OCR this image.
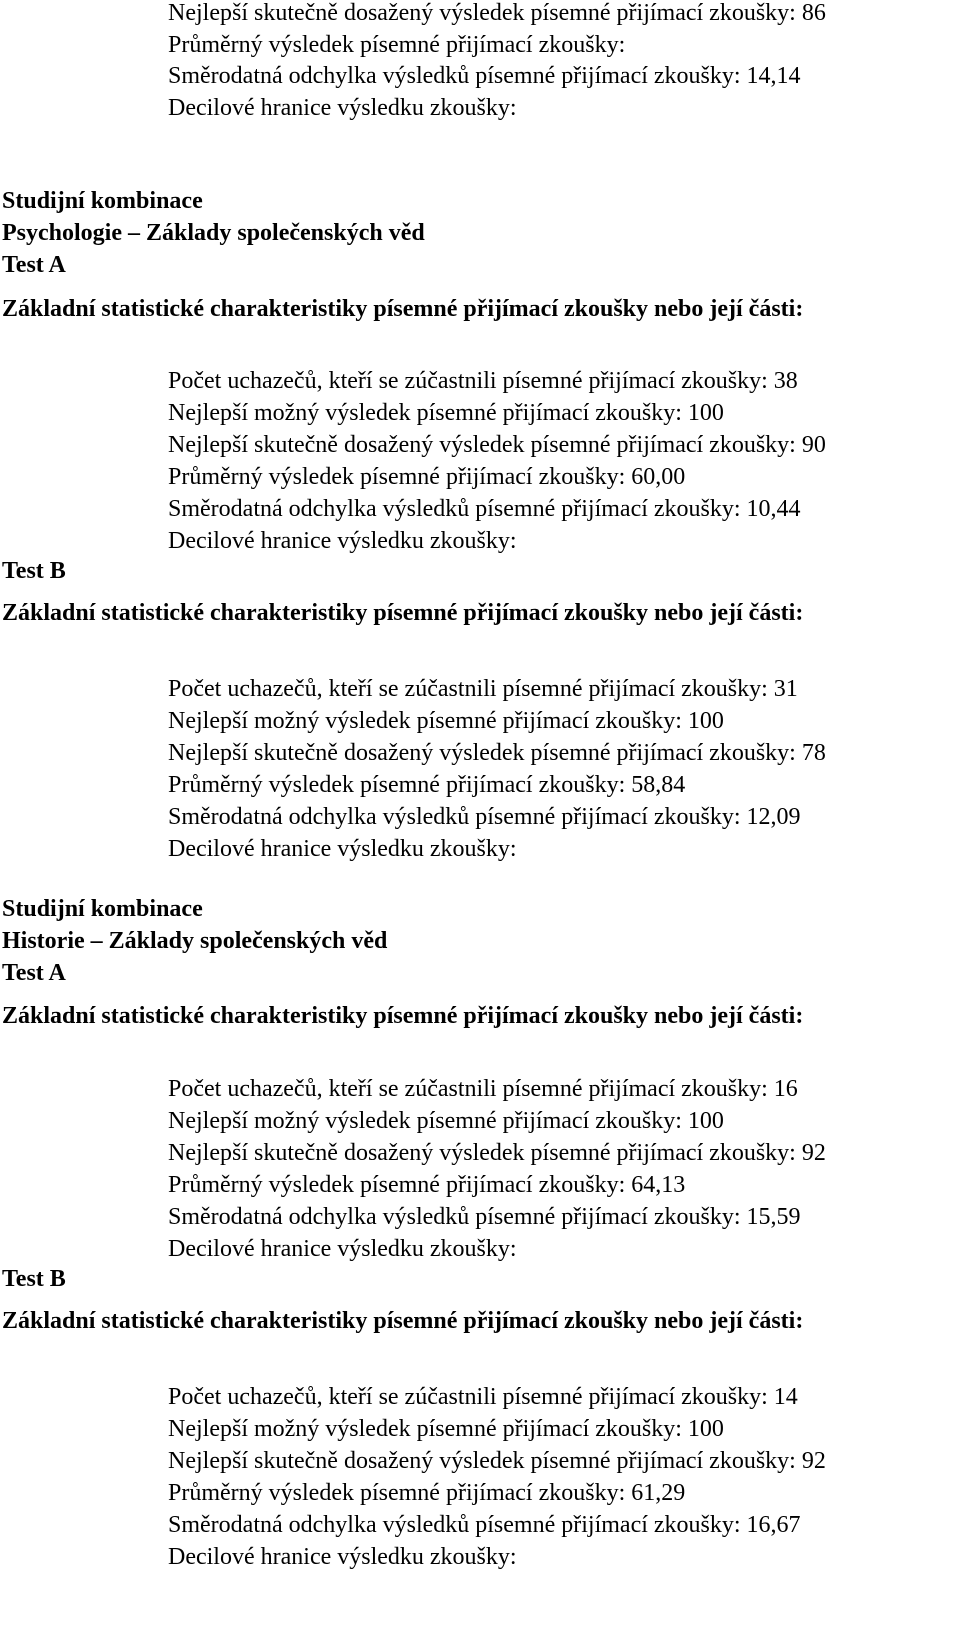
Nejlepší skutečně dosažený výsledek písemné přijímací zkoušky: 86

Průměrný výsledek písemné přijímací zkoušky:

Směrodatná odchylka výsledků písemné přijímací zkoušky: 14,14

Decilové hranice výsledku zkoušky:

Studijní kombinace

Psychologie – Základy společenských věd

Test A

Základní statistické charakteristiky písemné přijímací zkoušky nebo její části:

Počet uchazečů, kteří se zúčastnili písemné přijímací zkoušky: 38

Nejlepší možný výsledek písemné přijímací zkoušky: 100

Nejlepší skutečně dosažený výsledek písemné přijímací zkoušky: 90

Průměrný výsledek písemné přijímací zkoušky: 60,00

Směrodatná odchylka výsledků písemné přijímací zkoušky: 10,44

Decilové hranice výsledku zkoušky:

Test B

Základní statistické charakteristiky písemné přijímací zkoušky nebo její části:

Počet uchazečů, kteří se zúčastnili písemné přijímací zkoušky: 31

Nejlepší možný výsledek písemné přijímací zkoušky: 100

Nejlepší skutečně dosažený výsledek písemné přijímací zkoušky: 78

Průměrný výsledek písemné přijímací zkoušky: 58,84

Směrodatná odchylka výsledků písemné přijímací zkoušky: 12,09

Decilové hranice výsledku zkoušky:

Studijní kombinace

Historie – Základy společenských věd

Test A

Základní statistické charakteristiky písemné přijímací zkoušky nebo její části:

Počet uchazečů, kteří se zúčastnili písemné přijímací zkoušky: 16

Nejlepší možný výsledek písemné přijímací zkoušky: 100

Nejlepší skutečně dosažený výsledek písemné přijímací zkoušky: 92

Průměrný výsledek písemné přijímací zkoušky: 64,13

Směrodatná odchylka výsledků písemné přijímací zkoušky: 15,59

Decilové hranice výsledku zkoušky:

Test B

Základní statistické charakteristiky písemné přijímací zkoušky nebo její části:

Počet uchazečů, kteří se zúčastnili písemné přijímací zkoušky: 14

Nejlepší možný výsledek písemné přijímací zkoušky: 100

Nejlepší skutečně dosažený výsledek písemné přijímací zkoušky: 92

Průměrný výsledek písemné přijímací zkoušky: 61,29

Směrodatná odchylka výsledků písemné přijímací zkoušky: 16,67

Decilové hranice výsledku zkoušky:
